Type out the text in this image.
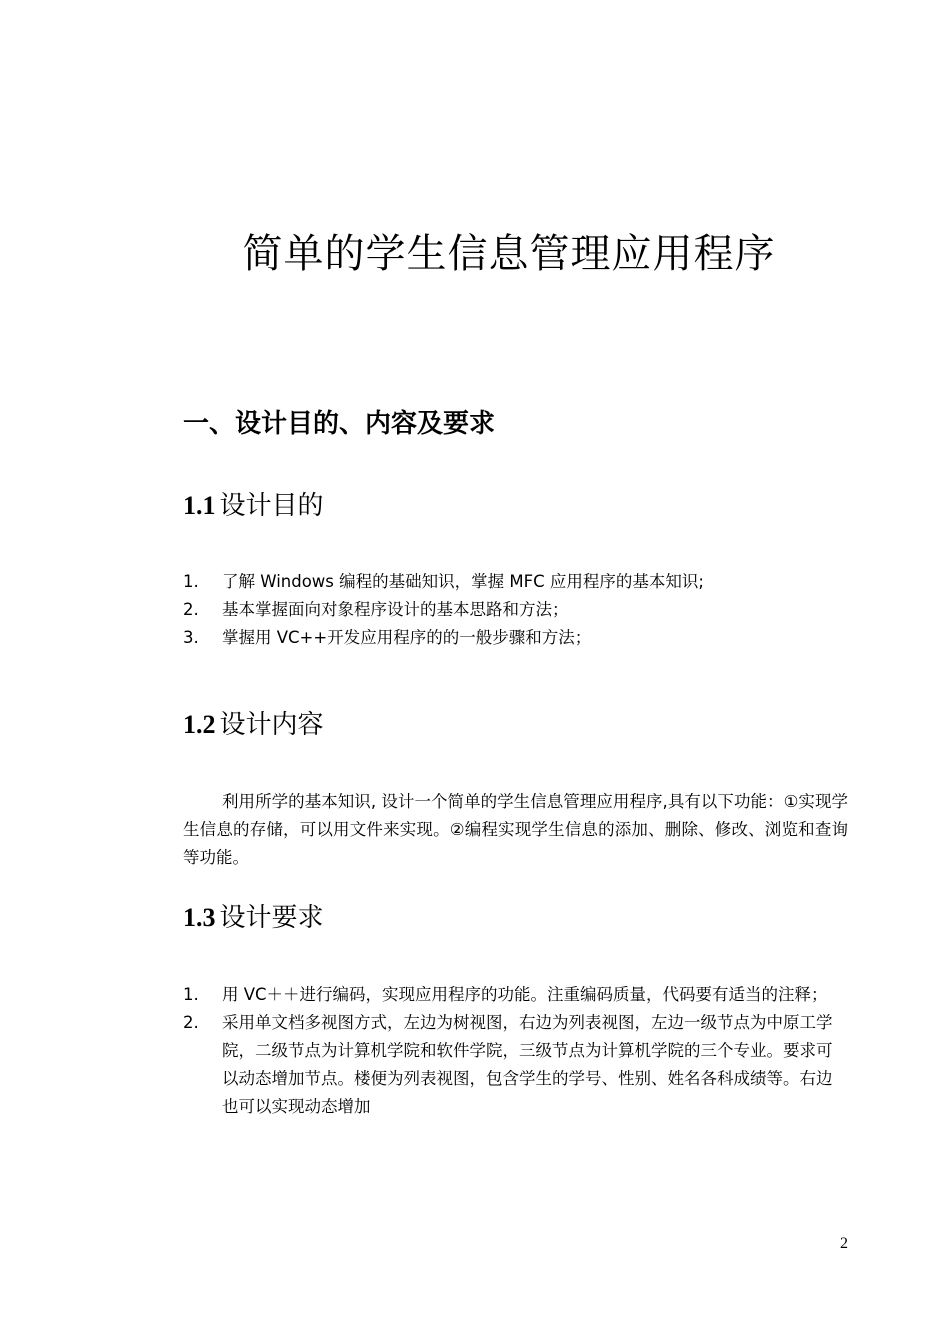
简单的学生信息管理应用程序
一、设计目的、内容及要求
1.1 设计目的
1. 了解 Windows 编程的基础知识，掌握 MFC 应用程序的基本知识;
2. 基本掌握面向对象程序设计的基本思路和方法；
3. 掌握用 VC++开发应用程序的的一般步骤和方法；
1.2 设计内容

利用所学的基本知识, 设计一个简单的学生信息管理应用程序,具有以下功能：①实现学生信息的存储，可以用文件来实现。②编程实现学生信息的添加、删除、修改、浏览和查询等功能。

1.3 设计要求
1. 用 VC＋＋进行编码，实现应用程序的功能。注重编码质量，代码要有适当的注释；
2. 采用单文档多视图方式，左边为树视图，右边为列表视图，左边一级节点为中原工学院，二级节点为计算机学院和软件学院，三级节点为计算机学院的三个专业。要求可以动态增加节点。楼便为列表视图，包含学生的学号、性别、姓名各科成绩等。右边也可以实现动态增加
2
